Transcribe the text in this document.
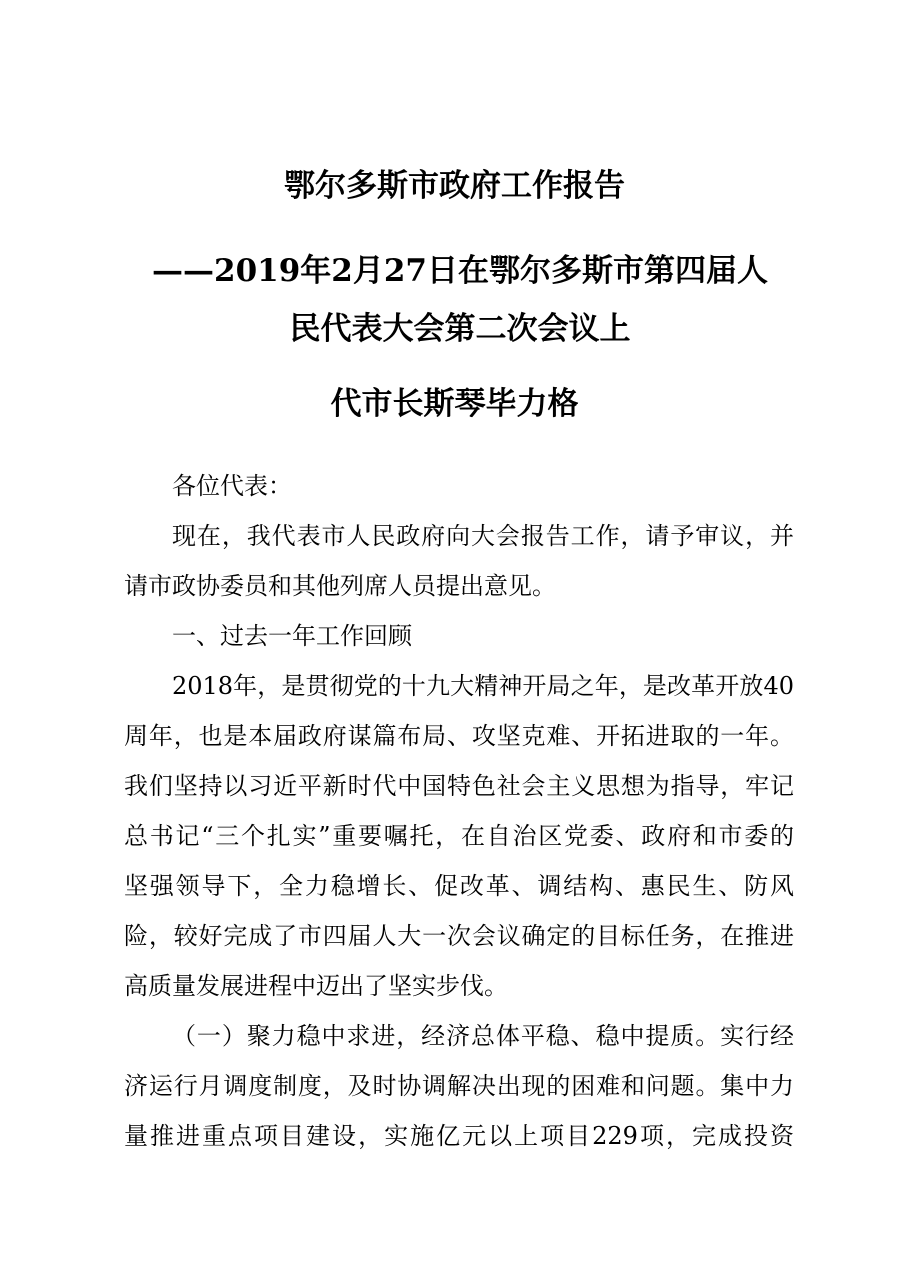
鄂尔多斯市政府工作报告
——2019年2月27日在鄂尔多斯市第四届人
民代表大会第二次会议上
代市长斯琴毕力格

各位代表：

现在，我代表市人民政府向大会报告工作，请予审议，并

请市政协委员和其他列席人员提出意见。

一、过去一年工作回顾

2018年，是贯彻党的十九大精神开局之年，是改革开放40

周年，也是本届政府谋篇布局、攻坚克难、开拓进取的一年。

我们坚持以习近平新时代中国特色社会主义思想为指导，牢记

总书记“三个扎实”重要嘱托，在自治区党委、政府和市委的

坚强领导下，全力稳增长、促改革、调结构、惠民生、防风

险，较好完成了市四届人大一次会议确定的目标任务，在推进

高质量发展进程中迈出了坚实步伐。

（一）聚力稳中求进，经济总体平稳、稳中提质。实行经

济运行月调度制度，及时协调解决出现的困难和问题。集中力

量推进重点项目建设，实施亿元以上项目229项，完成投资
